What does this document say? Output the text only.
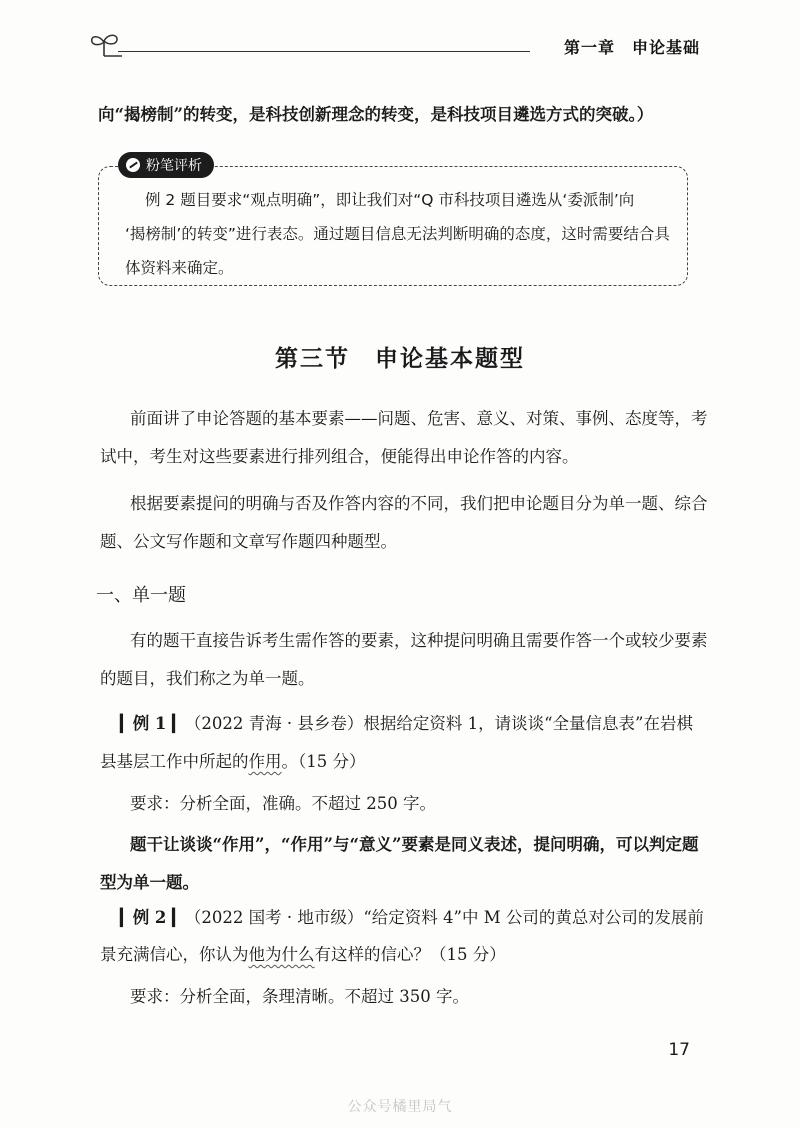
第一章　申论基础
向“揭榜制”的转变，是科技创新理念的转变，是科技项目遴选方式的突破。）
粉笔评析
例 2 题目要求“观点明确”，即让我们对“Q 市科技项目遴选从‘委派制’向
‘揭榜制’的转变”进行表态。通过题目信息无法判断明确的态度，这时需要结合具
体资料来确定。
第三节　申论基本题型
前面讲了申论答题的基本要素——问题、危害、意义、对策、事例、态度等，考
试中，考生对这些要素进行排列组合，便能得出申论作答的内容。
根据要素提问的明确与否及作答内容的不同，我们把申论题目分为单一题、综合
题、公文写作题和文章写作题四种题型。
一、单一题
有的题干直接告诉考生需作答的要素，这种提问明确且需要作答一个或较少要素
的题目，我们称之为单一题。
▎例 1 ▎（2022 青海 · 县乡卷）根据给定资料 1，请谈谈“全量信息表”在岩棋
县基层工作中所起的作用。（15 分）
要求：分析全面，准确。不超过 250 字。
题干让谈谈“作用”，“作用”与“意义”要素是同义表述，提问明确，可以判定题
型为单一题。
▎例 2 ▎（2022 国考 · 地市级）“给定资料 4”中 M 公司的黄总对公司的发展前
景充满信心，你认为他为什么有这样的信心？（15 分）
要求：分析全面，条理清晰。不超过 350 字。
17
公众号橘里局气
